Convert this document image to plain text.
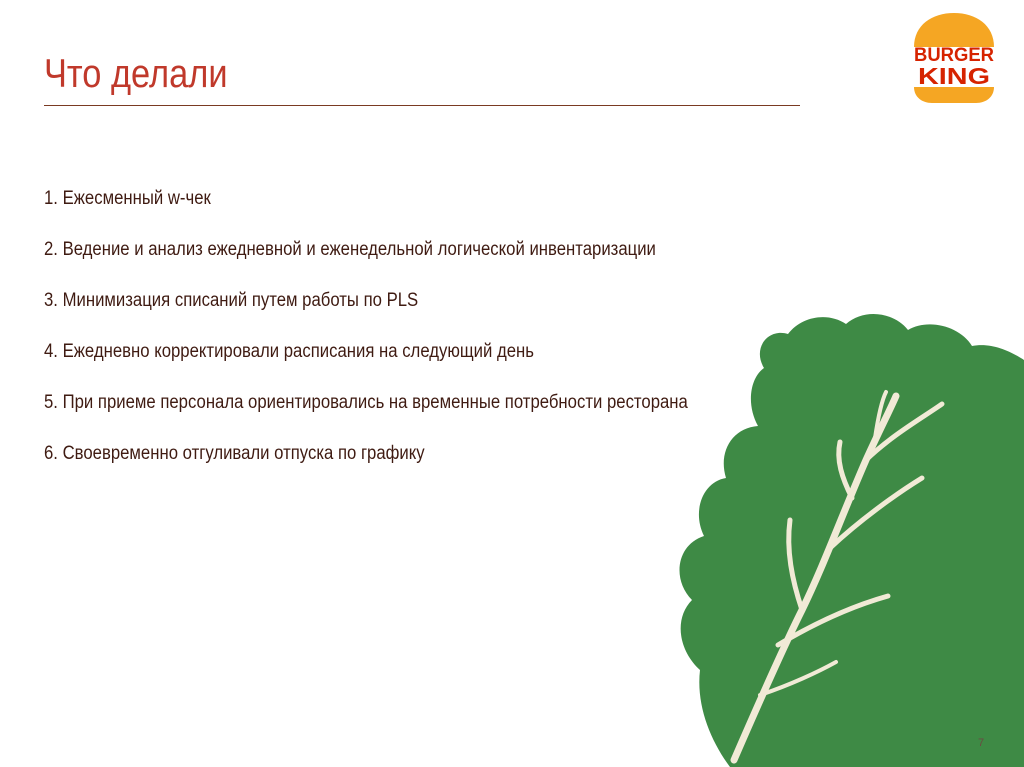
Что делали	BURGER
KING
1. Ежесменный w-чек
2. Ведение и анализ ежедневной и еженедельной логической инвентаризации
3. Минимизация списаний путем работы по PLS
4. Ежедневно корректировали расписания на следующий день
5. При приеме персонала ориентировались на временные потребности ресторана
6. Своевременно отгуливали отпуска по графику
7
